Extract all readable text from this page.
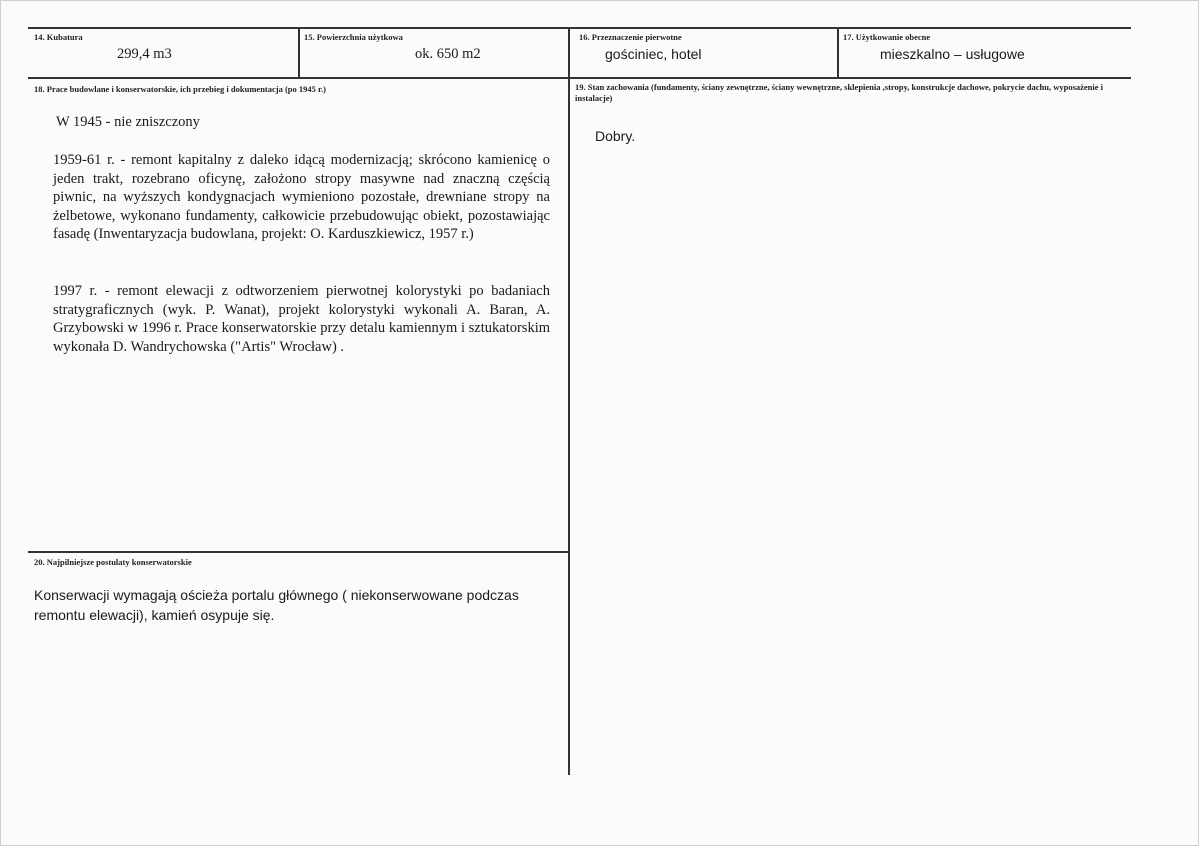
14. Kubatura
299,4 m3
15. Powierzchnia użytkowa
ok. 650 m2
16. Przeznaczenie pierwotne
gościniec, hotel
17. Użytkowanie obecne
mieszkalno – usługowe
18. Prace budowlane i konserwatorskie, ich przebieg i dokumentacja (po 1945 r.)
W 1945 - nie zniszczony
1959-61 r. - remont kapitalny z daleko idącą modernizacją; skrócono kamienicę o jeden trakt, rozebrano oficynę, założono stropy masywne nad znaczną częścią piwnic, na wyższych kondygnacjach wymieniono pozostałe, drewniane stropy na żelbetowe, wykonano fundamenty, całkowicie przebudowując obiekt, pozostawiając fasadę (Inwentaryzacja budowlana, projekt: O. Karduszkiewicz, 1957 r.)
1997 r. - remont elewacji z odtworzeniem pierwotnej kolorystyki po badaniach stratygraficznych (wyk. P. Wanat), projekt kolorystyki wykonali A. Baran, A. Grzybowski w 1996 r. Prace konserwatorskie przy detalu kamiennym i sztukatorskim wykonała D. Wandrychowska ("Artis" Wrocław) .
19. Stan zachowania (fundamenty, ściany zewnętrzne, ściany wewnętrzne, sklepienia ,stropy, konstrukcje dachowe, pokrycie dachu, wyposażenie i instalacje)
Dobry.
20. Najpilniejsze postulaty konserwatorskie
Konserwacji wymagają ościeża portalu głównego ( niekonserwowane podczas remontu elewacji), kamień osypuje się.
